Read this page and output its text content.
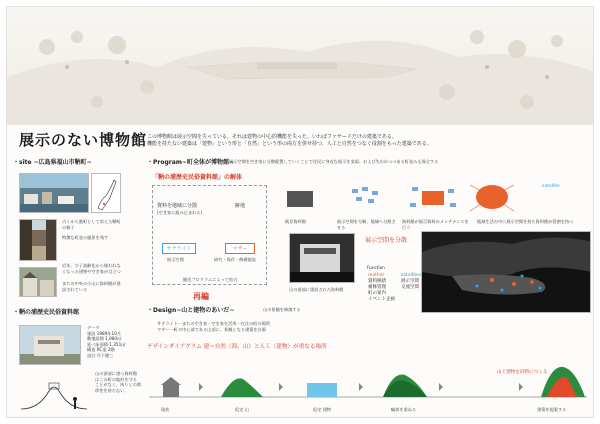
展示のない博物館 この博物館は展示空間を失っている。それは建物の中心的機能を失った、いわばファサードだけの建築である。
機能を持たない建築は「建物」という形と「自然」という形の両方を併せ持つ、人工と自然をつなぐ役割をもった建築である。
・site ~広島県福山市鞆町~
古くから港町として栄えた鞆町の様子
特徴な町並の風景を残す
近年、少子高齢化から使われなくなった建物や空き家が目立つ
まちの中央の小山に資料館が建設されている
・鞆の浦歴史民俗資料館
データ
建設 1989年10月
敷地面積 1,980㎡
延べ床面積 1,351㎡
構造 RC造 2階
設計 丹下健三
山の頂部に建つ資料館はこの町の地形を守ることがなく、周りとの関係性を持たない。
・Program~町全体が博物館~
展示空間を空き家に分散配置していくことで住民に身近な展示を実現。および失われつつある町並みも保全する
「鞆の浦歴史民俗資料館」の解体
資料を地域に分散
(空き家に組み込まれる)
跡地
サテライト
展示空間
マザー
研究・保存・修繕施設
観光プログラムによって結合
再編
satellite
既存資料館	展示空間を分解、地域へ分散させる
資料館が展示資料のメンテナンスを行う
地域生活の中に展示空間を持ち資料館が役割を持つ
山の頂部に建設された資料館
展示空間を分散
Function
mother	satellites
資料修繕	展示空間
補修管理	交流空間
町の案内	
イベント企画	
・Design~山と建物のあいだ~	山の景観を修復する
サテライト一まちの空き家・空き家を活用一在住の町の場所
マザー一町の中心部である山頂に、景観となる建築を計画
デザインダイアグラム 建＝自然（海、山）と人工（建物）が重なる場所
山と建物を同時につくる
現状	仮定 山	仮定 建物	輪郭を重ねる	建築を提案する
